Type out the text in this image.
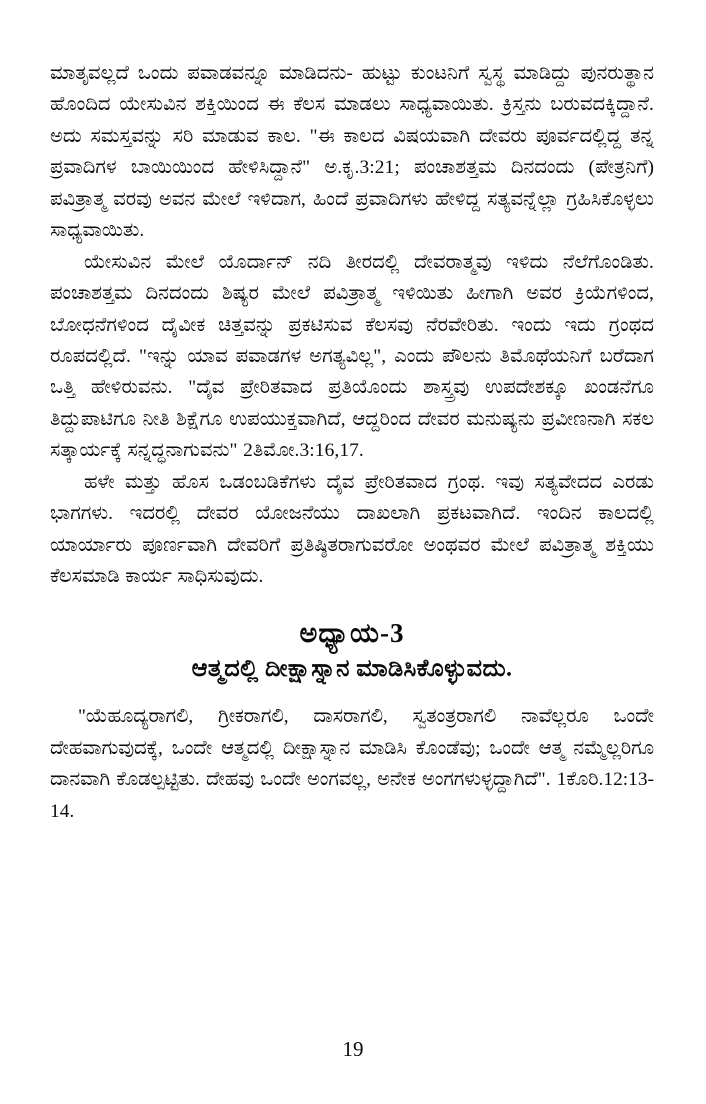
ಮಾತೃವಲ್ಲದೆ ಒಂದು ಪವಾಡವನ್ನೂ ಮಾಡಿದನು- ಹುಟ್ಟು ಕುಂಟನಿಗೆ ಸ್ವಸ್ಥ ಮಾಡಿದ್ದು ಪುನರುತ್ಥಾನ ಹೊಂದಿದ ಯೇಸುವಿನ ಶಕ್ತಿಯಿಂದ ಈ ಕೆಲಸ ಮಾಡಲು ಸಾಧ್ಯವಾಯಿತು. ಕ್ರಿಸ್ತನು ಬರುವದಕ್ಕಿದ್ದಾನೆ. ಅದು ಸಮಸ್ತವನ್ನು ಸರಿ ಮಾಡುವ ಕಾಲ. "ಈ ಕಾಲದ ವಿಷಯವಾಗಿ ದೇವರು ಪೂರ್ವದಲ್ಲಿದ್ದ ತನ್ನ ಪ್ರವಾದಿಗಳ ಬಾಯಿಯಿಂದ ಹೇಳಿಸಿದ್ದಾನೆ" ಅ.ಕೃ.3:21; ಪಂಚಾಶತ್ತಮ ದಿನದಂದು (ಪೇತ್ರನಿಗೆ) ಪವಿತ್ರಾತ್ಮ ವರವು ಅವನ ಮೇಲೆ ಇಳಿದಾಗ, ಹಿಂದೆ ಪ್ರವಾದಿಗಳು ಹೇಳಿದ್ದ ಸತ್ಯವನ್ನೆಲ್ಲಾ ಗ್ರಹಿಸಿಕೊಳ್ಳಲು ಸಾಧ್ಯವಾಯಿತು.

ಯೇಸುವಿನ ಮೇಲೆ ಯೊರ್ದಾನ್ ನದಿ ತೀರದಲ್ಲಿ ದೇವರಾತ್ಮವು ಇಳಿದು ನೆಲೆಗೊಂಡಿತು. ಪಂಚಾಶತ್ತಮ ದಿನದಂದು ಶಿಷ್ಯರ ಮೇಲೆ ಪವಿತ್ರಾತ್ಮ ಇಳಿಯಿತು ಹೀಗಾಗಿ ಅವರ ಕ್ರಿಯೆಗಳಿಂದ, ಬೋಧನೆಗಳಿಂದ ದೈವೀಕ ಚಿತ್ತವನ್ನು ಪ್ರಕಟಿಸುವ ಕೆಲಸವು ನೆರವೇರಿತು. ಇಂದು ಇದು ಗ್ರಂಥದ ರೂಪದಲ್ಲಿದೆ. "ಇನ್ನು ಯಾವ ಪವಾಡಗಳ ಅಗತ್ಯವಿಲ್ಲ", ಎಂದು ಪೌಲನು ತಿಮೊಥೆಯನಿಗೆ ಬರೆದಾಗ ಒತ್ತಿ ಹೇಳಿರುವನು. "ದೈವ ಪ್ರೇರಿತವಾದ ಪ್ರತಿಯೊಂದು ಶಾಸ್ತ್ರವು ಉಪದೇಶಕ್ಕೂ ಖಂಡನೆಗೂ ತಿದ್ದುಪಾಟಿಗೂ ನೀತಿ ಶಿಕ್ಷೆಗೂ ಉಪಯುಕ್ತವಾಗಿದೆ, ಆದ್ದರಿಂದ ದೇವರ ಮನುಷ್ಯನು ಪ್ರವೀಣನಾಗಿ ಸಕಲ ಸತ್ಕಾರ್ಯಕ್ಕೆ ಸನ್ನದ್ಧನಾಗುವನು" 2ತಿಮೋ.3:16,17.

ಹಳೇ ಮತ್ತು ಹೊಸ ಒಡಂಬಡಿಕೆಗಳು ದೈವ ಪ್ರೇರಿತವಾದ ಗ್ರಂಥ. ಇವು ಸತ್ಯವೇದದ ಎರಡು ಭಾಗಗಳು. ಇದರಲ್ಲಿ ದೇವರ ಯೋಜನೆಯು ದಾಖಲಾಗಿ ಪ್ರಕಟವಾಗಿದೆ. ಇಂದಿನ ಕಾಲದಲ್ಲಿ ಯಾರ್ಯಾರು ಪೂರ್ಣವಾಗಿ ದೇವರಿಗೆ ಪ್ರತಿಷ್ಠಿತರಾಗುವರೋ ಅಂಥವರ ಮೇಲೆ ಪವಿತ್ರಾತ್ಮ ಶಕ್ತಿಯು ಕೆಲಸಮಾಡಿ ಕಾರ್ಯ ಸಾಧಿಸುವುದು.

ಅಧ್ಯಾಯ-3
ಆತ್ಮದಲ್ಲಿ ದೀಕ್ಷಾಸ್ನಾನ ಮಾಡಿಸಿಕೊಳ್ಳುವದು.

"ಯೆಹೂದ್ಯರಾಗಲಿ, ಗ್ರೀಕರಾಗಲಿ, ದಾಸರಾಗಲಿ, ಸ್ವತಂತ್ರರಾಗಲಿ ನಾವೆಲ್ಲರೂ ಒಂದೇ ದೇಹವಾಗುವುದಕ್ಕೆ, ಒಂದೇ ಆತ್ಮದಲ್ಲಿ ದೀಕ್ಷಾಸ್ನಾನ ಮಾಡಿಸಿ ಕೊಂಡೆವು; ಒಂದೇ ಆತ್ಮ ನಮ್ಮೆಲ್ಲರಿಗೂ ದಾನವಾಗಿ ಕೊಡಲ್ಪಟ್ಟಿತು. ದೇಹವು ಒಂದೇ ಅಂಗವಲ್ಲ, ಅನೇಕ ಅಂಗಗಳುಳ್ಳದ್ದಾಗಿದೆ". 1ಕೊರಿ.12:13-14.

19
